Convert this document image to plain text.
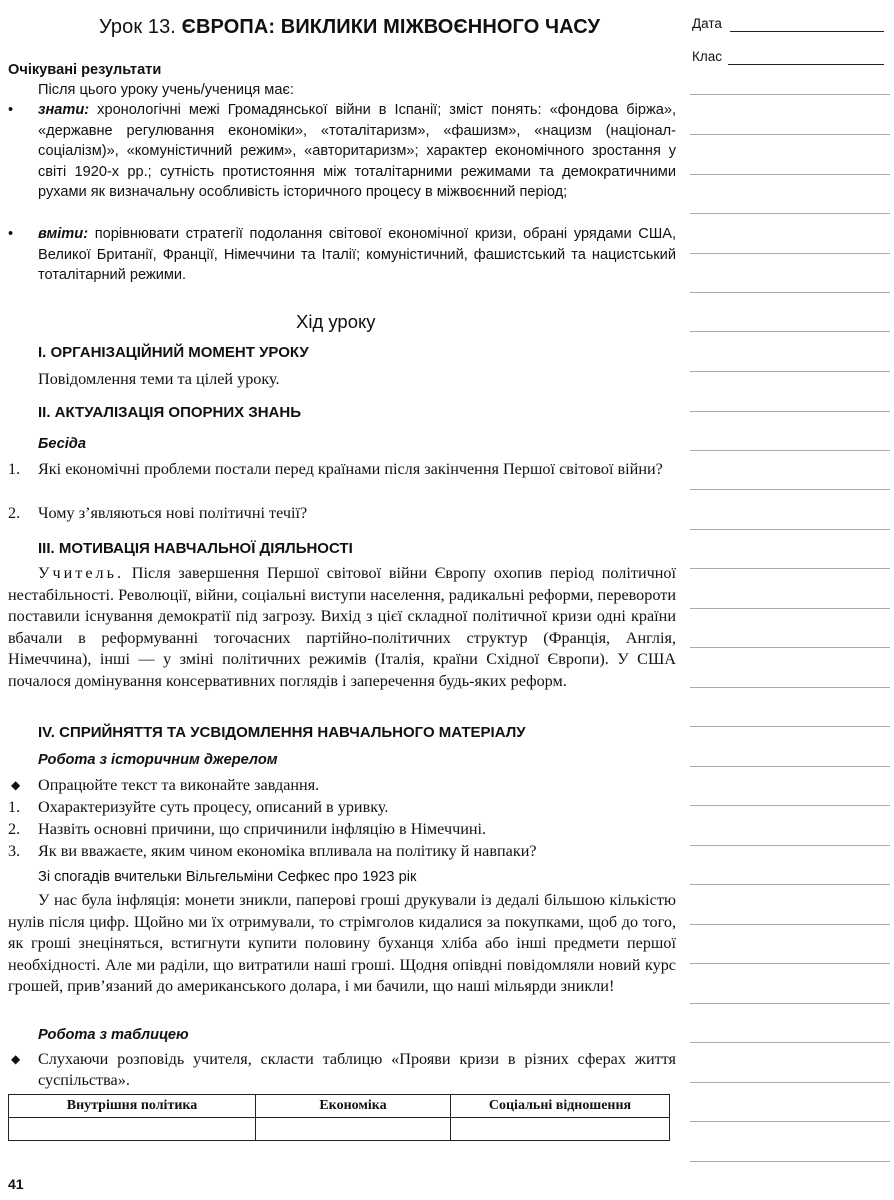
Урок 13. ЄВРОПА: ВИКЛИКИ МІЖВОЄННОГО ЧАСУ
Очікувані результати
Після цього уроку учень/учениця має:
•	знати: хронологічні межі Громадянської війни в Іспанії; зміст понять: «фондова біржа», «державне регулювання економіки», «тоталітаризм», «фашизм», «нацизм (націонал-соціалізм)», «комуністичний режим», «авторитаризм»; характер економічного зростання у світі 1920-х рр.; сутність протистояння між тоталітарними режимами та демократичними рухами як визначальну особливість історичного процесу в міжвоєнний період;
•	вміти: порівнювати стратегії подолання світової економічної кризи, обрані урядами США, Великої Британії, Франції, Німеччини та Італії; комуністичний, фашистський та нацистський тоталітарний режими.
Хід уроку
І. ОРГАНІЗАЦІЙНИЙ МОМЕНТ УРОКУ
Повідомлення теми та цілей уроку.
ІІ. АКТУАЛІЗАЦІЯ ОПОРНИХ ЗНАНЬ
Бесіда
1.	Які економічні проблеми постали перед країнами після закінчення Першої світової війни?
2.	Чому з’являються нові політичні течії?
ІІІ. МОТИВАЦІЯ НАВЧАЛЬНОЇ ДІЯЛЬНОСТІ
Учитель. Після завершення Першої світової війни Європу охопив період політичної нестабільності. Революції, війни, соціальні виступи населення, радикальні реформи, перевороти поставили існування демократії під загрозу. Вихід з цієї складної політичної кризи одні країни вбачали в реформуванні тогочасних партійно-політичних структур (Франція, Англія, Німеччина), інші — у зміні політичних режимів (Італія, країни Східної Європи). У США почалося домінування консервативних поглядів і заперечення будь-яких реформ.
ІV. СПРИЙНЯТТЯ ТА УСВІДОМЛЕННЯ НАВЧАЛЬНОГО МАТЕРІАЛУ
Робота з історичним джерелом
◆	Опрацюйте текст та виконайте завдання.
1.	Охарактеризуйте суть процесу, описаний в уривку.
2.	Назвіть основні причини, що спричинили інфляцію в Німеччині.
3.	Як ви вважаєте, яким чином економіка впливала на політику й навпаки?
Зі спогадів вчительки Вільгельміни Сефкес про 1923 рік
У нас була інфляція: монети зникли, паперові гроші друкували із дедалі більшою кількістю нулів після цифр. Щойно ми їх отримували, то стрімголов кидалися за покупками, щоб до того, як гроші знеціняться, встигнути купити половину буханця хліба або інші предмети першої необхідності. Але ми раділи, що витратили наші гроші. Щодня опівдні повідомляли новий курс грошей, прив’язаний до американського долара, і ми бачили, що наші мільярди зникли!
Робота з таблицею
◆	Слухаючи розповідь учителя, скласти таблицю «Прояви кризи в різних сферах життя суспільства».
Внутрішня політика	Економіка	Соціальні відношення

Дата
Клас
41
